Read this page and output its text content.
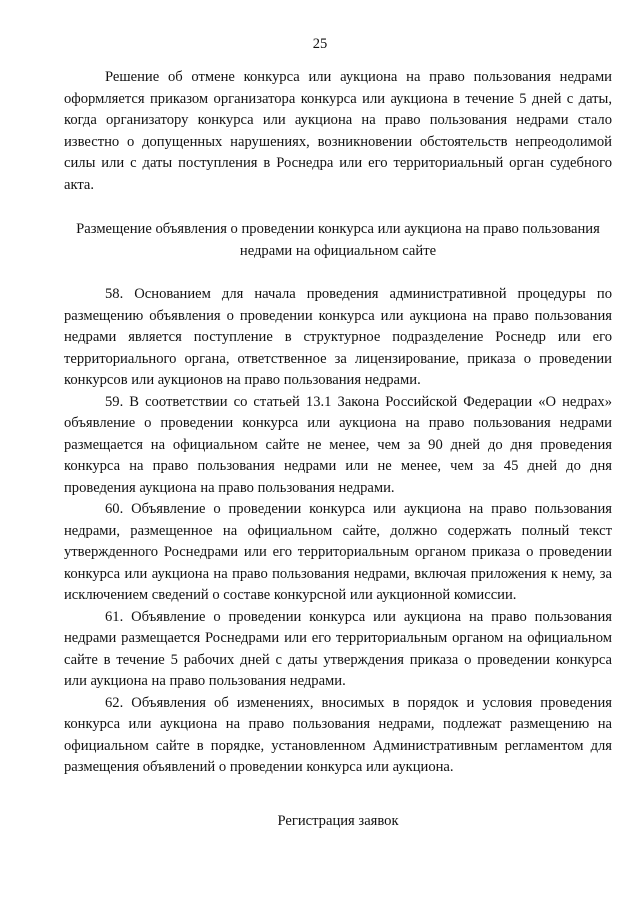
25

Решение об отмене конкурса или аукциона на право пользования недрами оформляется приказом организатора конкурса или аукциона в течение 5 дней с даты, когда организатору конкурса или аукциона на право пользования недрами стало известно о допущенных нарушениях, возникновении обстоятельств непреодолимой силы или с даты поступления в Роснедра или его территориальный орган судебного акта.

Размещение объявления о проведении конкурса или аукциона на право пользования недрами на официальном сайте

58. Основанием для начала проведения административной процедуры по размещению объявления о проведении конкурса или аукциона на право пользования недрами является поступление в структурное подразделение Роснедр или его территориального органа, ответственное за лицензирование, приказа о проведении конкурсов или аукционов на право пользования недрами.

59. В соответствии со статьей 13.1 Закона Российской Федерации «О недрах» объявление о проведении конкурса или аукциона на право пользования недрами размещается на официальном сайте не менее, чем за 90 дней до дня проведения конкурса на право пользования недрами или не менее, чем за 45 дней до дня проведения аукциона на право пользования недрами.

60. Объявление о проведении конкурса или аукциона на право пользования недрами, размещенное на официальном сайте, должно содержать полный текст утвержденного Роснедрами или его территориальным органом приказа о проведении конкурса или аукциона на право пользования недрами, включая приложения к нему, за исключением сведений о составе конкурсной или аукционной комиссии.

61. Объявление о проведении конкурса или аукциона на право пользования недрами размещается Роснедрами или его территориальным органом на официальном сайте в течение 5 рабочих дней с даты утверждения приказа о проведении конкурса или аукциона на право пользования недрами.

62. Объявления об изменениях, вносимых в порядок и условия проведения конкурса или аукциона на право пользования недрами, подлежат размещению на официальном сайте в порядке, установленном Административным регламентом для размещения объявлений о проведении конкурса или аукциона.

Регистрация заявок
